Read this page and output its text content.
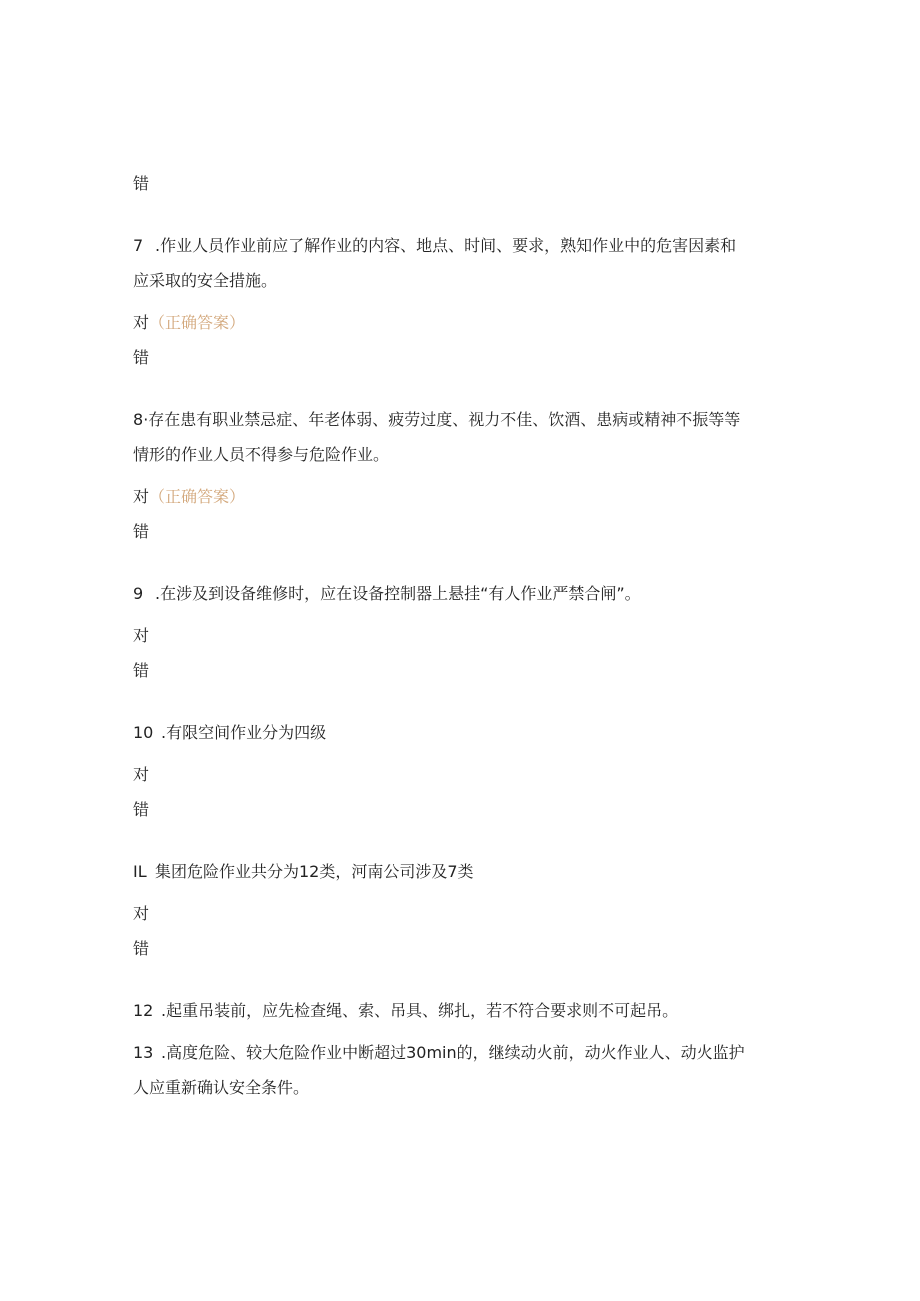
错
7 .作业人员作业前应了解作业的内容、地点、时间、要求，熟知作业中的危害因素和
应采取的安全措施。
对（正确答案）
错
8·存在患有职业禁忌症、年老体弱、疲劳过度、视力不佳、饮酒、患病或精神不振等等
情形的作业人员不得参与危险作业。
对（正确答案）
错
9 .在涉及到设备维修时，应在设备控制器上悬挂“有人作业严禁合闸”。
对
错
10 .有限空间作业分为四级
对
错
IL 集团危险作业共分为12类，河南公司涉及7类
对
错
12 .起重吊装前，应先检查绳、索、吊具、绑扎，若不符合要求则不可起吊。
13 .高度危险、较大危险作业中断超过30min的，继续动火前，动火作业人、动火监护
人应重新确认安全条件。
